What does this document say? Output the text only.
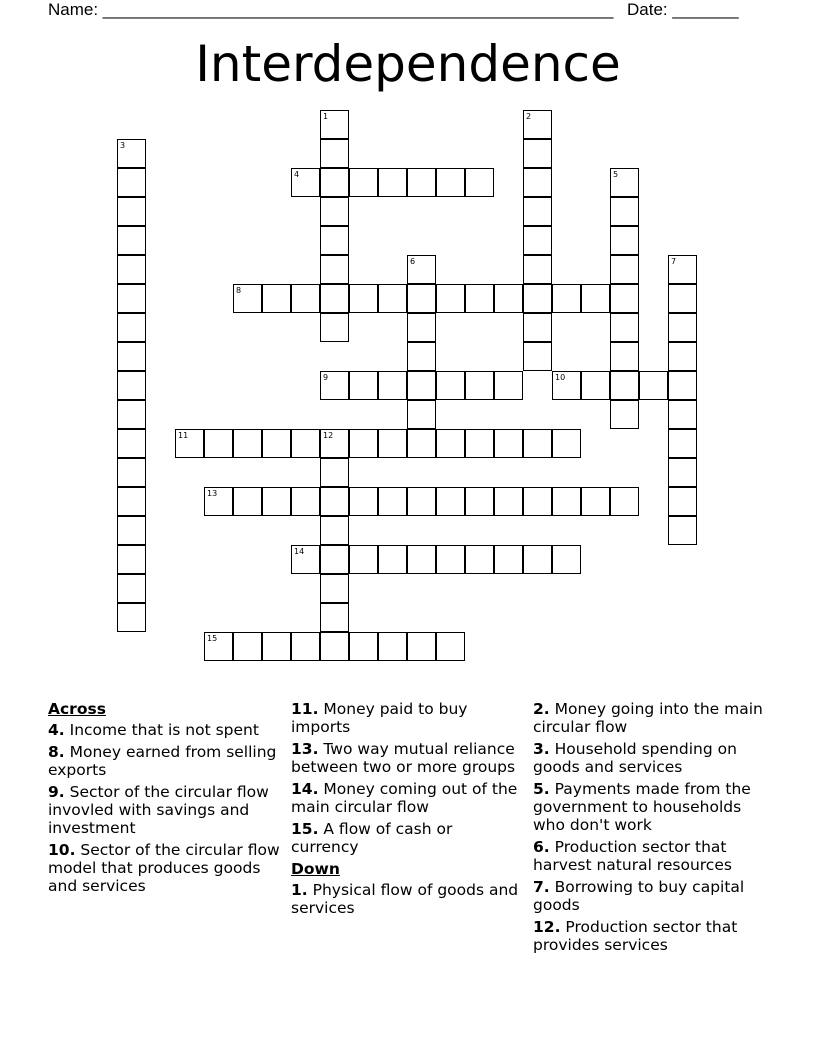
Name: ______________________________________________________ Date: _______
Interdependence
1	2
3
4	5
6	7
8
9	10
11	12
13
14
15
Across
4. Income that is not spent
8. Money earned from selling exports
9. Sector of the circular flow invovled with savings and investment
10. Sector of the circular flow model that produces goods and services
11. Money paid to buy imports
13. Two way mutual reliance between two or more groups
14. Money coming out of the main circular flow
15. A flow of cash or currency
Down
1. Physical flow of goods and services
2. Money going into the main circular flow
3. Household spending on goods and services
5. Payments made from the government to households who don't work
6. Production sector that harvest natural resources
7. Borrowing to buy capital goods
12. Production sector that provides services
